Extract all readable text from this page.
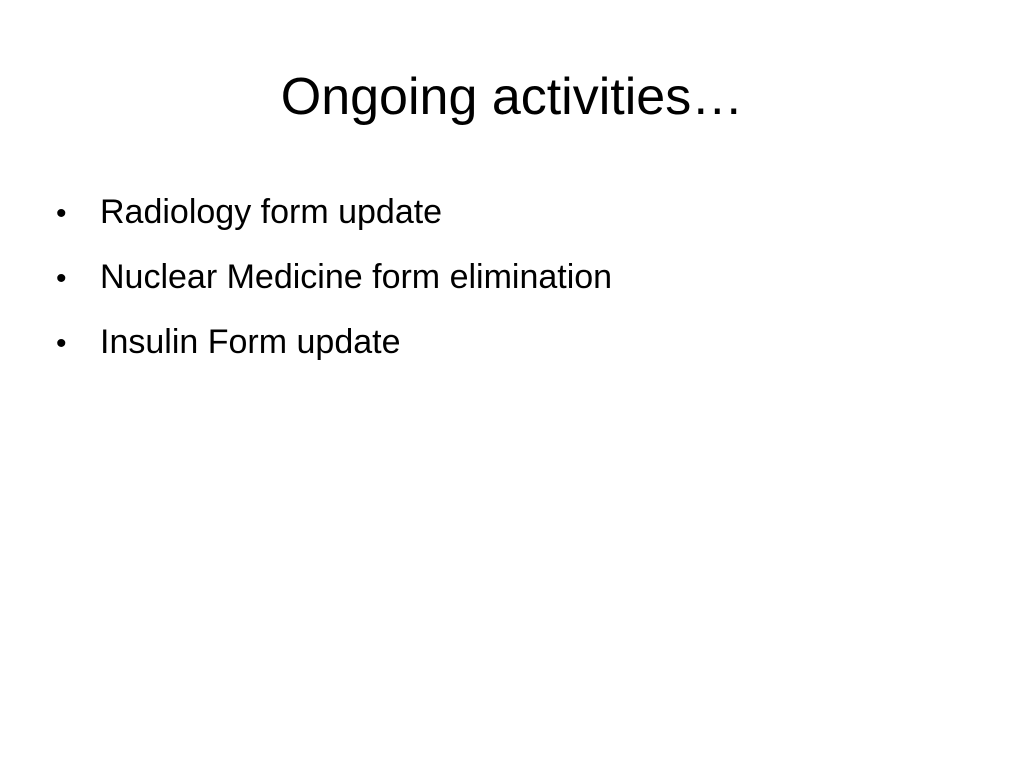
Ongoing activities…
• Radiology form update
• Nuclear Medicine form elimination
• Insulin Form update
